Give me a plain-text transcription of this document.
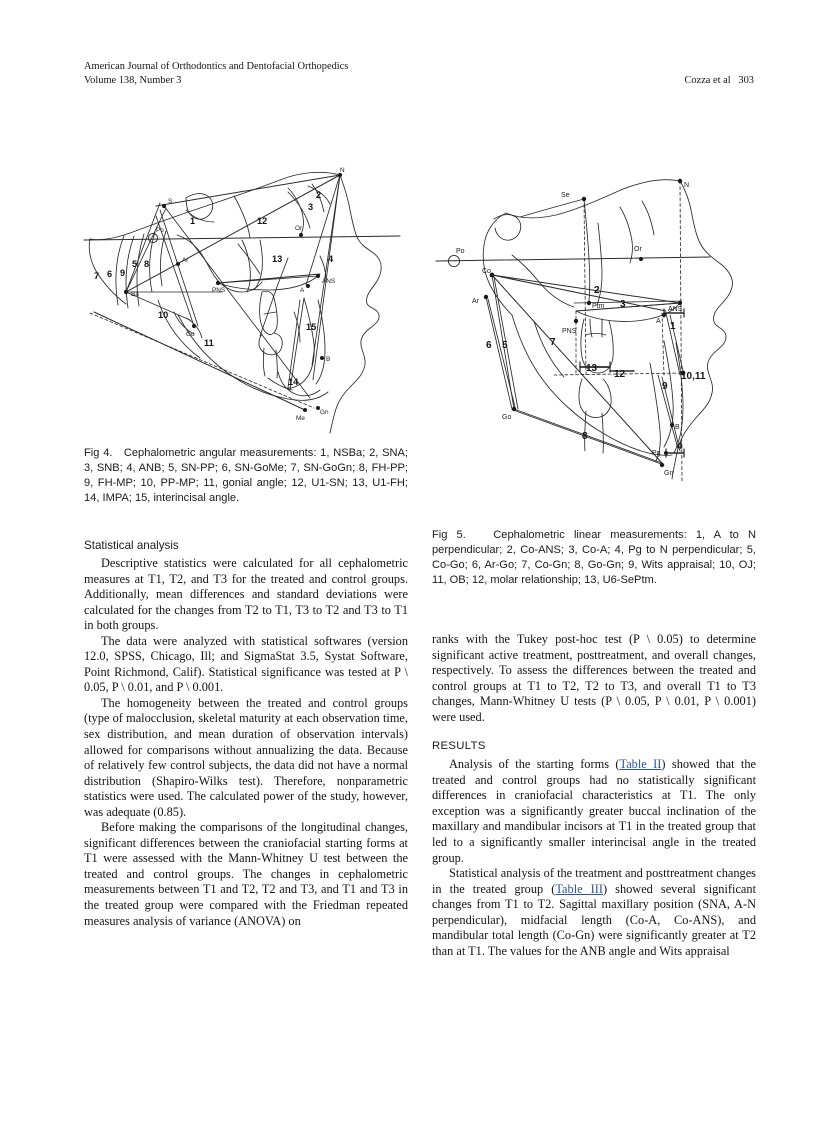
American Journal of Orthodontics and Dentofacial Orthopedics
Volume 138, Number 3	Cozza et al 303

S
Po
Ar
Ba
N
Or
A
ANS
PNS
Go
B
Me
Gn
1
2
3
4
5
6
7
8
9
10
11
12
13
14
15
Fig 4. Cephalometric angular measurements: 1, NSBa; 2, SNA; 3, SNB; 4, ANB; 5, SN-PP; 6, SN-GoMe; 7, SN-GoGn; 8, FH-PP; 9, FH-MP; 10, PP-MP; 11, gonial angle; 12, U1-SN; 13, U1-FH; 14, IMPA; 15, interincisal angle.
Se
Po
Co
Ar
Ptm
PNS
N
Or
A
ANS
Go
B
Pg
Gn
1
2
3
4
5
6	7
8
9
10,11
12
13
Fig 5. Cephalometric linear measurements: 1, A to N perpendicular; 2, Co-ANS; 3, Co-A; 4, Pg to N perpendicular; 5, Co-Go; 6, Ar-Go; 7, Co-Gn; 8, Go-Gn; 9, Wits appraisal; 10, OJ; 11, OB; 12, molar relationship; 13, U6-SePtm.
Statistical analysis

Descriptive statistics were calculated for all cephalometric measures at T1, T2, and T3 for the treated and control groups. Additionally, mean differences and standard deviations were calculated for the changes from T2 to T1, T3 to T2 and T3 to T1 in both groups.

The data were analyzed with statistical softwares (version 12.0, SPSS, Chicago, Ill; and SigmaStat 3.5, Systat Software, Point Richmond, Calif). Statistical significance was tested at P \ 0.05, P \ 0.01, and P \ 0.001.

The homogeneity between the treated and control groups (type of malocclusion, skeletal maturity at each observation time, sex distribution, and mean duration of observation intervals) allowed for comparisons without annualizing the data. Because of relatively few control subjects, the data did not have a normal distribution (Shapiro-Wilks test). Therefore, nonparametric statistics were used. The calculated power of the study, however, was adequate (0.85).

Before making the comparisons of the longitudinal changes, significant differences between the craniofacial starting forms at T1 were assessed with the Mann-Whitney U test between the treated and control groups. The changes in cephalometric measurements between T1 and T2, T2 and T3, and T1 and T3 in the treated group were compared with the Friedman repeated measures analysis of variance (ANOVA) on

ranks with the Tukey post-hoc test (P \ 0.05) to determine significant active treatment, posttreatment, and overall changes, respectively. To assess the differences between the treated and control groups at T1 to T2, T2 to T3, and overall T1 to T3 changes, Mann-Whitney U tests (P \ 0.05, P \ 0.01, P \ 0.001) were used.

RESULTS

Analysis of the starting forms (Table II) showed that the treated and control groups had no statistically significant differences in craniofacial characteristics at T1. The only exception was a significantly greater buccal inclination of the maxillary and mandibular incisors at T1 in the treated group that led to a significantly smaller interincisal angle in the treated group.

Statistical analysis of the treatment and posttreatment changes in the treated group (Table III) showed several significant changes from T1 to T2. Sagittal maxillary position (SNA, A-N perpendicular), midfacial length (Co-A, Co-ANS), and mandibular total length (Co-Gn) were significantly greater at T2 than at T1. The values for the ANB angle and Wits appraisal
